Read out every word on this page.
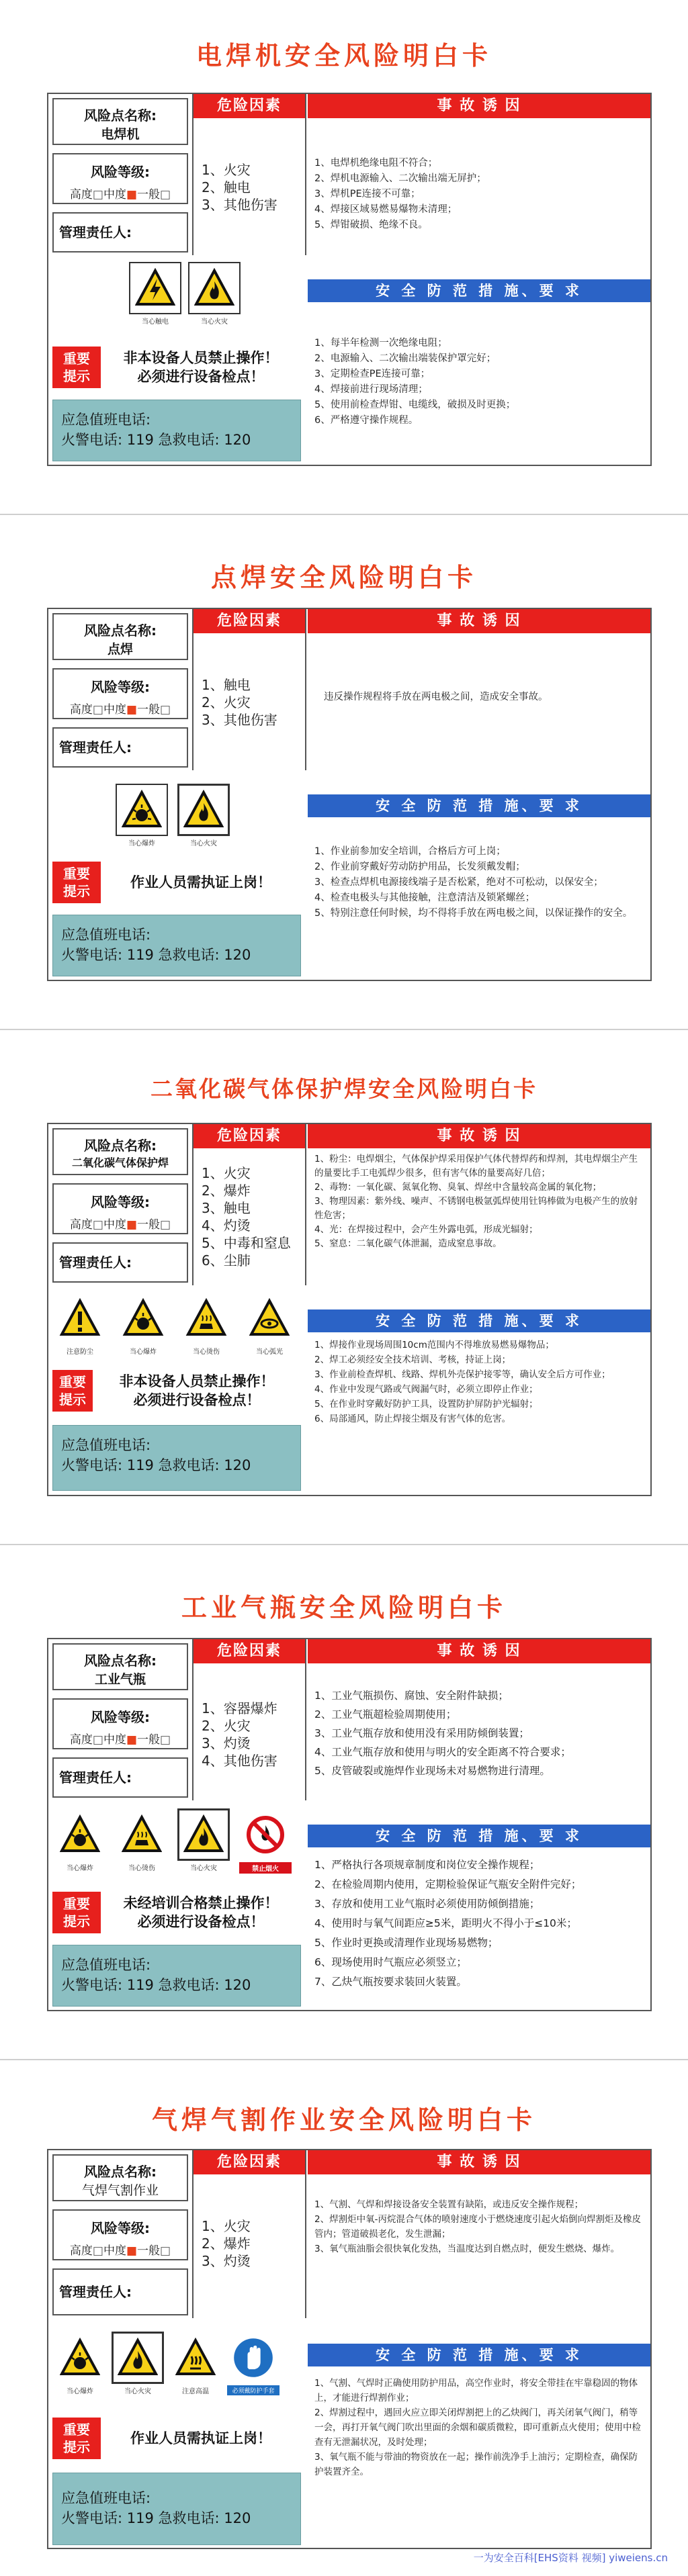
电焊机安全风险明白卡
风险点名称:
电焊机
风险等级:
高度□中度■一般□
管理责任人:
危险因素
1、火灾
2、触电
3、其他伤害
事 故 诱 因
1、电焊机绝缘电阻不符合；
2、焊机电源输入、二次输出端无屏护；
3、焊机PE连接不可靠；
4、焊接区域易燃易爆物未清理；
5、焊钳破损、绝缘不良。
安 全 防 范 措 施、要 求
1、每半年检测一次绝缘电阻；
2、电源输入、二次输出端装保护罩完好；
3、定期检查PE连接可靠；
4、焊接前进行现场清理；
5、使用前检查焊钳、电缆线，破损及时更换；
6、严格遵守操作规程。
当心触电	当心火灾
重要
提示
非本设备人员禁止操作！
必须进行设备检点！
应急值班电话:
火警电话: 119 急救电话: 120
点焊安全风险明白卡
风险点名称:
点焊
风险等级:
高度□中度■一般□
管理责任人:
危险因素
1、触电
2、火灾
3、其他伤害
事 故 诱 因
违反操作规程将手放在两电极之间，造成安全事故。
安 全 防 范 措 施、要 求
1、作业前参加安全培训，合格后方可上岗；
2、作业前穿戴好劳动防护用品，长发须戴发帽；
3、检查点焊机电源接线端子是否松紧，绝对不可松动，以保安全；
4、检查电极头与其他接触，注意清洁及锁紧螺丝；
5、特别注意任何时候，均不得将手放在两电极之间，以保证操作的安全。
当心爆炸	当心火灾
重要
提示
作业人员需执证上岗！
应急值班电话:
火警电话: 119 急救电话: 120
二氧化碳气体保护焊安全风险明白卡
风险点名称:
二氧化碳气体保护焊
风险等级:
高度□中度■一般□
管理责任人:
危险因素
1、火灾
2、爆炸
3、触电
4、灼烫
5、中毒和窒息
6、尘肺
事 故 诱 因
1、粉尘：电焊烟尘，气体保护焊采用保护气体代替焊药和焊剂，其电焊烟尘产生的量要比手工电弧焊少很多，但有害气体的量要高好几倍；
2、毒物：一氧化碳、氮氧化物、臭氧、焊丝中含量较高金属的氧化物；
3、物理因素：紫外线、噪声、不锈钢电极氩弧焊使用钍钨棒做为电极产生的放射性危害；
4、光：在焊接过程中，会产生外露电弧，形成光辐射；
5、窒息：二氧化碳气体泄漏，造成窒息事故。
安 全 防 范 措 施、要 求
1、焊接作业现场周围10cm范围内不得堆放易燃易爆物品；
2、焊工必须经安全技术培训、考核，持证上岗；
3、作业前检查焊机、线路、焊机外壳保护接零等，确认安全后方可作业；
4、作业中发现气路或气阀漏气时，必须立即停止作业；
5、在作业时穿戴好防护工具，设置防护屏防护光辐射；
6、局部通风，防止焊接尘烟及有害气体的危害。
注意防尘	当心爆炸	当心烫伤	当心弧光
重要
提示
非本设备人员禁止操作！
必须进行设备检点！
应急值班电话:
火警电话: 119 急救电话: 120
工业气瓶安全风险明白卡
风险点名称:
工业气瓶
风险等级:
高度□中度■一般□
管理责任人:
危险因素
1、容器爆炸
2、火灾
3、灼烫
4、其他伤害
事 故 诱 因
1、工业气瓶损伤、腐蚀、安全附件缺损；
2、工业气瓶超检验周期使用；
3、工业气瓶存放和使用没有采用防倾倒装置；
4、工业气瓶存放和使用与明火的安全距离不符合要求；
5、皮管破裂或施焊作业现场未对易燃物进行清理。
安 全 防 范 措 施、要 求
1、严格执行各项规章制度和岗位安全操作规程；
2、在检验周期内使用，定期检验保证气瓶安全附件完好；
3、存放和使用工业气瓶时必须使用防倾倒措施；
4、使用时与氧气间距应≥5米，距明火不得小于≤10米；
5、作业时更换或清理作业现场易燃物；
6、现场使用时气瓶应必须竖立；
7、乙炔气瓶按要求装回火装置。
当心爆炸	当心烫伤	当心火灾	禁止烟火
重要
提示
未经培训合格禁止操作！
必须进行设备检点！
应急值班电话:
火警电话: 119 急救电话: 120
气焊气割作业安全风险明白卡
风险点名称:
气焊气割作业
风险等级:
高度□中度■一般□
管理责任人:
危险因素
1、火灾
2、爆炸
3、灼烫
事 故 诱 因
1、气割、气焊和焊接设备安全装置有缺陷，或违反安全操作规程；
2、焊割炬中氧-丙烷混合气体的喷射速度小于燃烧速度引起火焰倒向焊割炬及橡皮管内；管道破损老化，发生泄漏；
3、氧气瓶油脂会很快氧化发热，当温度达到自燃点时，便发生燃烧、爆炸。
安 全 防 范 措 施、要 求
1、气割、气焊时正确使用防护用品，高空作业时，将安全带挂在牢靠稳固的物体上，才能进行焊割作业；
2、焊割过程中，遇回火应立即关闭焊割把上的乙炔阀门，再关闭氧气阀门，稍等一会，再打开氧气阀门吹出里面的余烟和碳质微粒，即可重新点火使用；使用中检查有无泄漏状况，及时处理；
3、氧气瓶不能与带油的物资放在一起；操作前洗净手上油污；定期检查，确保防护装置齐全。
当心爆炸	当心火灾	注意高温	必须戴防护手套
重要
提示
作业人员需执证上岗！
应急值班电话:
火警电话: 119 急救电话: 120
一为安全百科[EHS资料 视频] yiweiens.cn
